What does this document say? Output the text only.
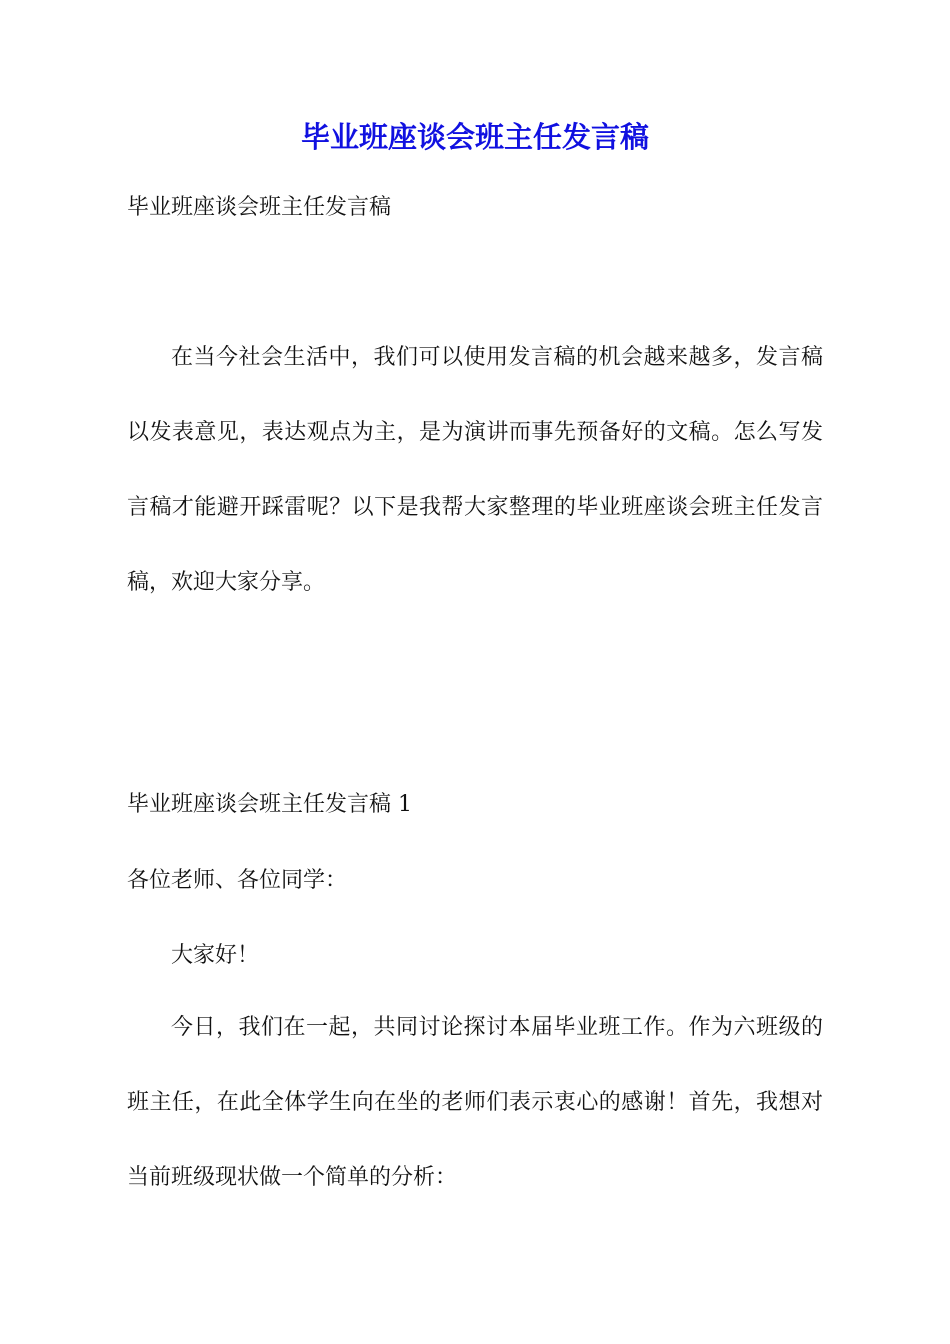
毕业班座谈会班主任发言稿

毕业班座谈会班主任发言稿

在当今社会生活中，我们可以使用发言稿的机会越来越多，发言稿以发表意见，表达观点为主，是为演讲而事先预备好的文稿。怎么写发言稿才能避开踩雷呢？以下是我帮大家整理的毕业班座谈会班主任发言稿，欢迎大家分享。

毕业班座谈会班主任发言稿 1

各位老师、各位同学：

大家好！

今日，我们在一起，共同讨论探讨本届毕业班工作。作为六班级的班主任，在此全体学生向在坐的老师们表示衷心的感谢！首先，我想对当前班级现状做一个简单的分析：
